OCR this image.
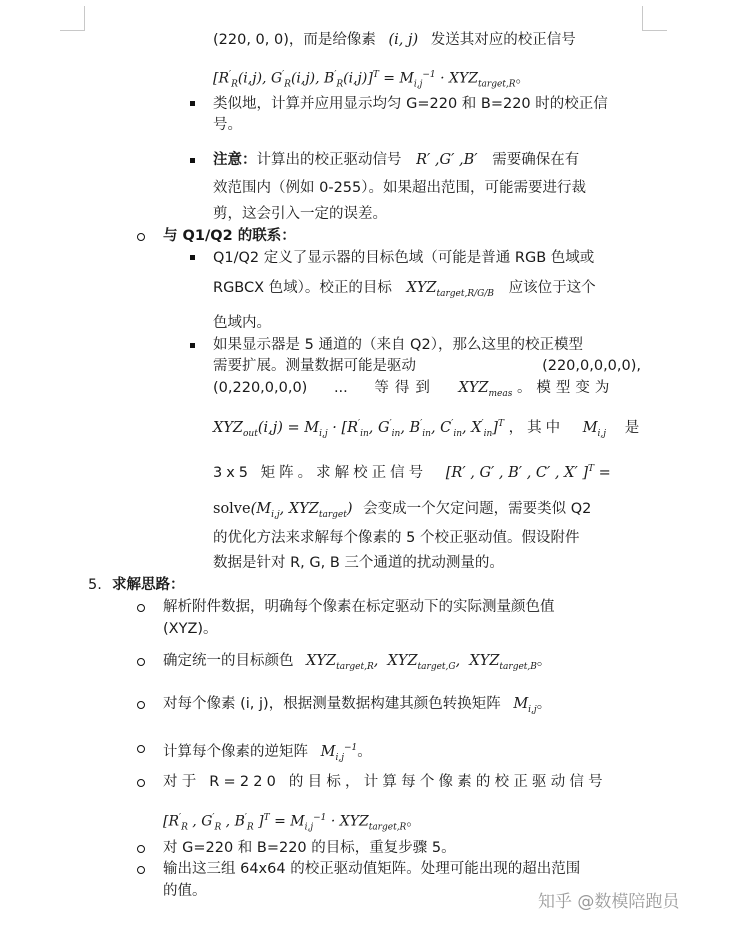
(220, 0, 0)，而是给像素 (i, j) 发送其对应的校正信号
[$R'_R(i,j)$, $G'_R(i,j)$, $B'_R(i,j)]^T = M_{i,j}^{-1} \cdot XYZ_{target,R}$。
类似地，计算并应用显示均匀 G=220 和 B=220 时的校正信
号。
注意：计算出的校正驱动信号 R′ ,G′ ,B′ 需要确保在有
效范围内（例如 0-255）。如果超出范围，可能需要进行裁
剪，这会引入一定的误差。
与 Q1/Q2 的联系：
Q1/Q2 定义了显示器的目标色域（可能是普通 RGB 色域或
RGBCX 色域）。校正的目标 $XYZ_{target,R/G/B}$ 应该位于这个
色域内。
如果显示器是 5 通道的（来自 Q2），那么这里的校正模型
需要扩展。测量数据可能是驱动	(220,0,0,0,0),
(0,220,0,0,0) ... 等得到 $XYZ_{meas}$ 。模型变为
$XYZ_{out}(i,j) = M_{i,j} \cdot [R'_{in}$, $G'_{in}$, $B'_{in}$, $C'_{in}$, $X'_{in}]^T$ ，其中 $M_{i,j}$ 是
3x5 矩阵。求解校正信号 [R′ , G′ , B′ , C′ , X′ ]$^T$ =
$solve(M_{i,j}$, $XYZ_{target}$) 会变成一个欠定问题，需要类似 Q2
的优化方法来求解每个像素的 5 个校正驱动值。假设附件
数据是针对 R, G, B 三个通道的扰动测量的。
5. 求解思路：
解析附件数据，明确每个像素在标定驱动下的实际测量颜色值
(XYZ)。
确定统一的目标颜色 $XYZ_{target,R}$,  $XYZ_{target,G}$,  $XYZ_{target,B}$。
对每个像素 (i, j)，根据测量数据构建其颜色转换矩阵 $M_{i,j}$。
计算每个像素的逆矩阵 $M_{i,j}^{-1}$。
对于 R=220 的目标，计算每个像素的校正驱动信号
[$R'_R$ , $G'_R$ , $B'_R$ ]$^T = M_{i,j}^{-1} \cdot XYZ_{target,R}$。
对 G=220 和 B=220 的目标，重复步骤 5。
输出这三组 64x64 的校正驱动值矩阵。处理可能出现的超出范围
的值。
知乎 @数模陪跑员
